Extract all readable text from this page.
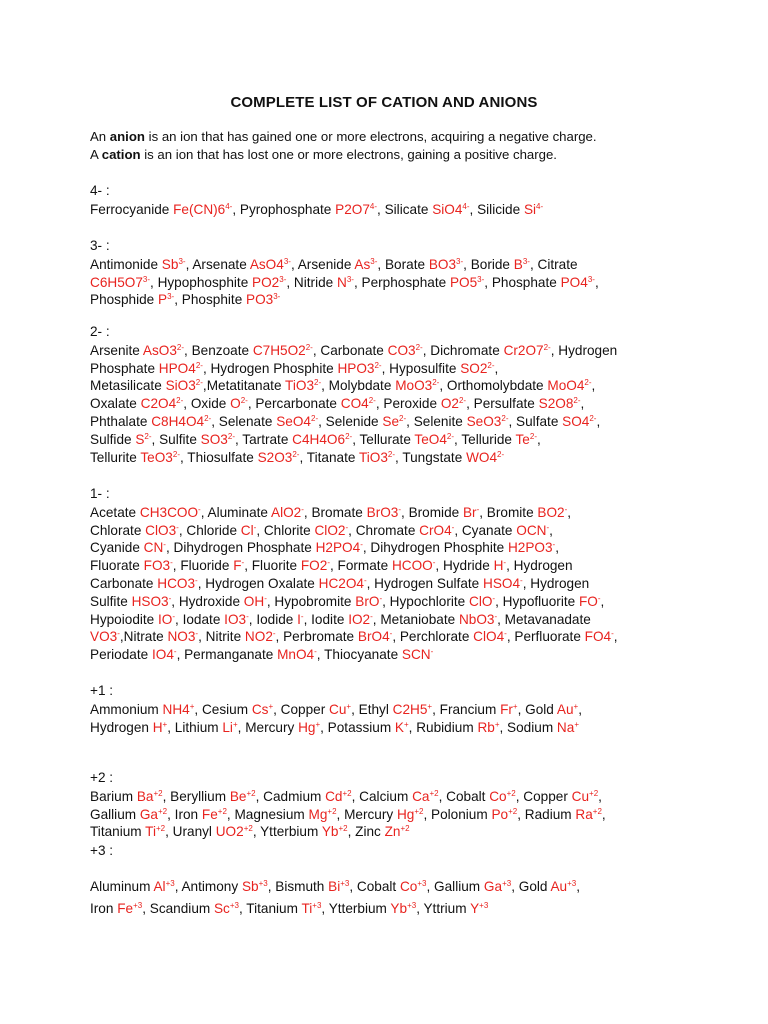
COMPLETE LIST OF CATION AND ANIONS
An anion is an ion that has gained one or more electrons, acquiring a negative charge.
A cation is an ion that has lost one or more electrons, gaining a positive charge.
4- :
Ferrocyanide $Fe(CN)6^{4-}$, Pyrophosphate $P2O7^{4-}$, Silicate $SiO4^{4-}$, Silicide $Si^{4-}$
3- :
Antimonide $Sb^{3-}$, Arsenate $AsO4^{3-}$, Arsenide $As^{3-}$, Borate $BO3^{3-}$, Boride $B^{3-}$, Citrate
$C6H5O7^{3-}$, Hypophosphite $PO2^{3-}$, Nitride $N^{3-}$, Perphosphate $PO5^{3-}$, Phosphate $PO4^{3-}$,
Phosphide $P^{3-}$, Phosphite $PO3^{3-}$
2- :
Arsenite $AsO3^{2-}$, Benzoate $C7H5O2^{2-}$, Carbonate $CO3^{2-}$, Dichromate $Cr2O7^{2-}$, Hydrogen
Phosphate $HPO4^{2-}$, Hydrogen Phosphite $HPO3^{2-}$, Hyposulfite $SO2^{2-}$,
Metasilicate $SiO3^{2-},Metatitanate$ $TiO3^{2-}$, Molybdate $MoO3^{2-}$, Orthomolybdate $MoO4^{2-}$,
Oxalate $C2O4^{2-}$, Oxide $O^{2-}$, Percarbonate $CO4^{2-}$, Peroxide $O2^{2-}$, Persulfate $S2O8^{2-}$,
Phthalate $C8H4O4^{2-}$, Selenate $SeO4^{2-}$, Selenide $Se^{2-}$, Selenite $SeO3^{2-}$, Sulfate $SO4^{2-}$,
Sulfide $S^{2-}$, Sulfite $SO3^{2-}$, Tartrate $C4H4O6^{2-}$, Tellurate $TeO4^{2-}$, Telluride $Te^{2-}$,
Tellurite $TeO3^{2-}$, Thiosulfate $S2O3^{2-}$, Titanate $TiO3^{2-}$, Tungstate $WO4^{2-}$
1- :
Acetate CH3COO-, Aluminate AlO2-, Bromate BrO3-, Bromide Br-, Bromite BO2-,
Chlorate ClO3-, Chloride Cl-, Chlorite ClO2-, Chromate CrO4-, Cyanate OCN-,
Cyanide CN-, Dihydrogen Phosphate H2PO4-, Dihydrogen Phosphite H2PO3-,
Fluorate FO3-, Fluoride F-, Fluorite FO2-, Formate HCOO-, Hydride H-, Hydrogen
Carbonate HCO3-, Hydrogen Oxalate HC2O4-, Hydrogen Sulfate HSO4-, Hydrogen
Sulfite HSO3-, Hydroxide OH-, Hypobromite BrO-, Hypochlorite ClO-, Hypofluorite FO-,
Hypoiodite IO-, Iodate IO3-, Iodide I-, Iodite IO2-, Metaniobate NbO3-, Metavanadate
VO3-,Nitrate NO3-, Nitrite NO2-, Perbromate BrO4-, Perchlorate ClO4-, Perfluorate FO4-,
Periodate IO4-, Permanganate MnO4-, Thiocyanate SCN-
+1 :
Ammonium NH4+, Cesium Cs+, Copper Cu+, Ethyl C2H5+, Francium Fr+, Gold Au+,
Hydrogen H+, Lithium Li+, Mercury Hg+, Potassium K+, Rubidium Rb+, Sodium Na+
+2 :
Barium $Ba^{+2}$, Beryllium $Be^{+2}$, Cadmium $Cd^{+2}$, Calcium $Ca^{+2}$, Cobalt $Co^{+2}$, Copper $Cu^{+2}$,
Gallium $Ga^{+2}$, Iron $Fe^{+2}$, Magnesium $Mg^{+2}$, Mercury $Hg^{+2}$, Polonium $Po^{+2}$, Radium $Ra^{+2}$,
Titanium $Ti^{+2}$, Uranyl $UO2^{+2}$, Ytterbium $Yb^{+2}$, Zinc $Zn^{+2}$
+3 :
Aluminum $Al^{+3}$, Antimony $Sb^{+3}$, Bismuth $Bi^{+3}$, Cobalt $Co^{+3}$, Gallium $Ga^{+3}$, Gold $Au^{+3}$,
Iron $Fe^{+3}$, Scandium $Sc^{+3}$, Titanium $Ti^{+3}$, Ytterbium $Yb^{+3}$, Yttrium $Y^{+3}$
